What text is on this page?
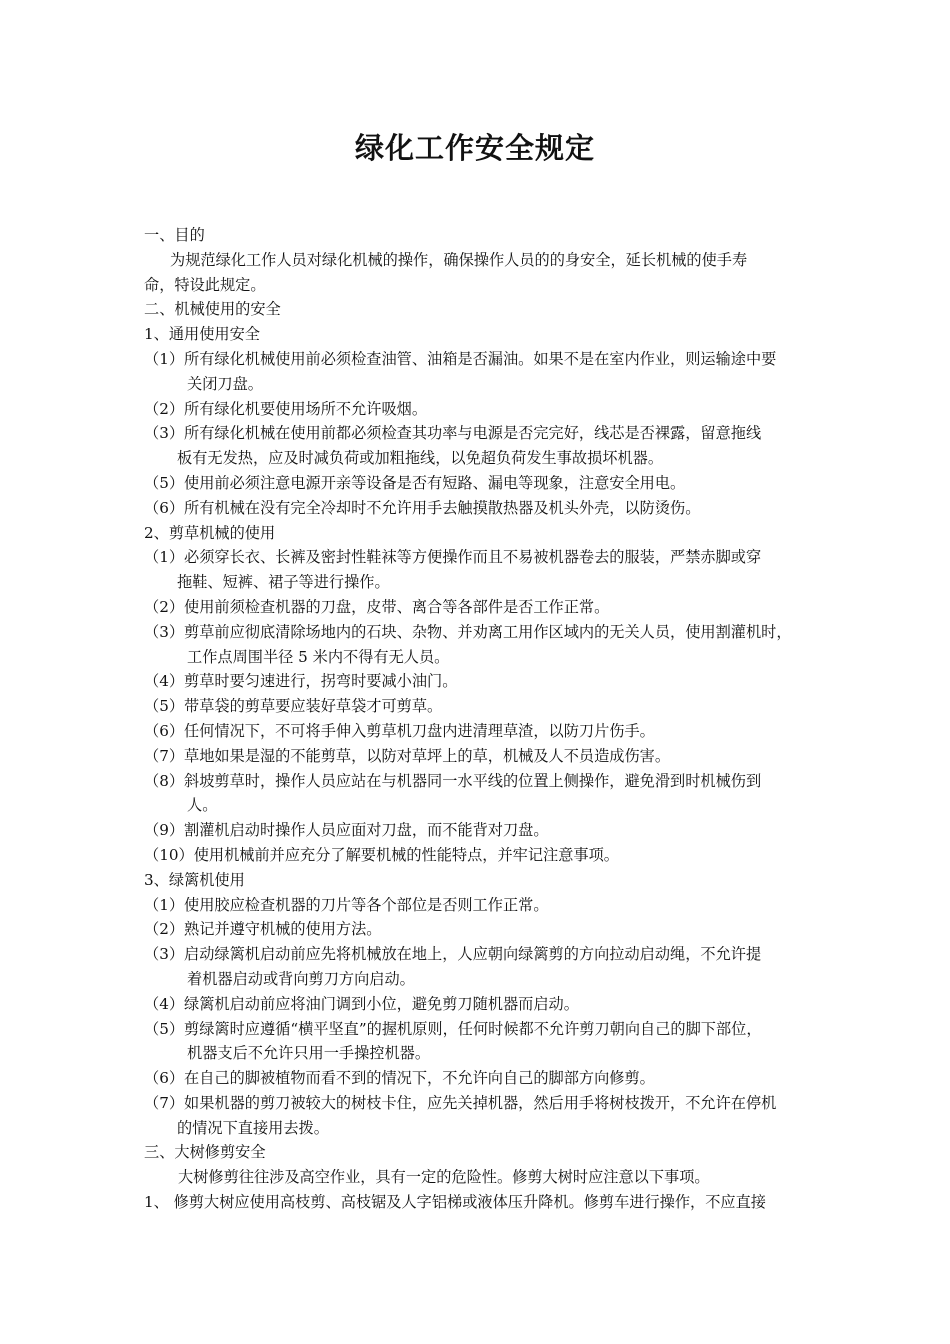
绿化工作安全规定

一、目的

为规范绿化工作人员对绿化机械的操作，确保操作人员的的身安全，延长机械的使手寿

命，特设此规定。

二、机械使用的安全

1、通用使用安全

（1）所有绿化机械使用前必须检查油管、油箱是否漏油。如果不是在室内作业，则运输途中要

关闭刀盘。

（2）所有绿化机要使用场所不允许吸烟。

（3）所有绿化机械在使用前都必须检查其功率与电源是否完完好，线芯是否裸露，留意拖线

板有无发热，应及时减负荷或加粗拖线，以免超负荷发生事故损坏机器。

（5）使用前必须注意电源开亲等设备是否有短路、漏电等现象，注意安全用电。

（6）所有机械在没有完全冷却时不允许用手去触摸散热器及机头外壳，以防烫伤。

2、剪草机械的使用

（1）必须穿长衣、长裤及密封性鞋袜等方便操作而且不易被机器卷去的服装，严禁赤脚或穿

拖鞋、短裤、裙子等进行操作。

（2）使用前须检查机器的刀盘，皮带、离合等各部件是否工作正常。

（3）剪草前应彻底清除场地内的石块、杂物、并劝离工用作区域内的无关人员，使用割灌机时，

工作点周围半径 5 米内不得有无人员。

（4）剪草时要匀速进行，拐弯时要减小油门。

（5）带草袋的剪草要应装好草袋才可剪草。

（6）任何情况下，不可将手伸入剪草机刀盘内进清理草渣，以防刀片伤手。

（7）草地如果是湿的不能剪草，以防对草坪上的草，机械及人不员造成伤害。

（8）斜坡剪草时，操作人员应站在与机器同一水平线的位置上侧操作，避免滑到时机械伤到

人。

（9）割灌机启动时操作人员应面对刀盘，而不能背对刀盘。

（10）使用机械前并应充分了解要机械的性能特点，并牢记注意事项。

3、绿篱机使用

（1）使用胶应检查机器的刀片等各个部位是否则工作正常。

（2）熟记并遵守机械的使用方法。

（3）启动绿篱机启动前应先将机械放在地上，人应朝向绿篱剪的方向拉动启动绳，不允许提

着机器启动或背向剪刀方向启动。

（4）绿篱机启动前应将油门调到小位，避免剪刀随机器而启动。

（5）剪绿篱时应遵循“横平坚直”的握机原则，任何时候都不允许剪刀朝向自己的脚下部位，

机器支后不允许只用一手操控机器。

（6）在自己的脚被植物而看不到的情况下，不允许向自己的脚部方向修剪。

（7）如果机器的剪刀被较大的树枝卡住，应先关掉机器，然后用手将树枝拨开，不允许在停机

的情况下直接用去拨。

三、大树修剪安全

大树修剪往往涉及高空作业，具有一定的危险性。修剪大树时应注意以下事项。

1、 修剪大树应使用高枝剪、高枝锯及人字铝梯或液体压升降机。修剪车进行操作，不应直接
